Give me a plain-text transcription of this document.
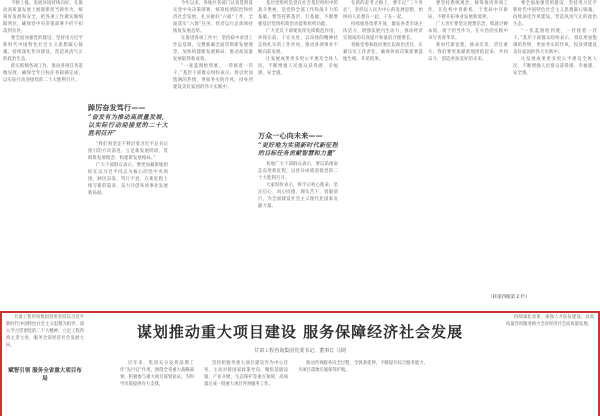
不断上涨，发展环境持续向好，在推动高质量发展上展现新担当新作为，统筹好发展和安全，把各项工作做实做细做到位，确保党中央决策部署不折不扣落到实处。

要全面加强党的建设，坚持用习近平新时代中国特色社会主义思想凝心铸魂，持续深化作风建设，营造风清气正的政治生态。

抓实抓细各项工作，推动各项任务落地见效，确保全年目标任务圆满完成，以实际行动迎接党的二十大胜利召开。

踔厉奋发笃行——
“奋发有为推动高质量发展，以实际行动迎接党的二十大胜利召开”

“我们将坚定不移沿着习近平总书记指引的方向前进，立足新发展阶段、贯彻新发展理念、构建新发展格局。”

广大干部群众表示，要更加紧密地团结在以习近平同志为核心的党中央周围，踔厉奋发、笃行不怠，在新征程上续写新的篇章，奋力开创各项事业发展新局面。

今年以来，各地区各部门认真贯彻落实党中央决策部署，统筹疫情防控和经济社会发展，扎实做好“六稳”工作、全面落实“六保”任务，经济运行总体保持恢复发展态势。

在推进各项工作中，坚持稳中求进工作总基调，完整准确全面贯彻新发展理念，加快构建新发展格局，推动高质量发展取得新成效。

“一张蓝图绘到底，一茬接着一茬干。”基层干部群众纷纷表示，将以更加饱满的热情、更加务实的作风，投身到建设美好家园的伟大实践中。

基层党组织是党在社会基层组织中的战斗堡垒，是党的全部工作和战斗力的基础。要坚持抓基层、打基础，不断增强基层党组织政治功能和组织功能。

广大党员干部要发挥先锋模范作用，冲锋在前、干在实处，以昂扬的精神状态和扎实的工作作风，推动各项事业不断向前发展。

让发展成果更多更公平惠及全体人民，不断增强人民群众获得感、幸福感、安全感。

万众一心向未来——
“更好地为实现新时代新征程的目标任务贡献智慧和力量”

各地广大干部群众表示，要以昂扬姿态奋进新征程，以优异成绩迎接党的二十大胜利召开。

大家纷纷表示，将牢记初心使命，坚定信心、同心同德，埋头苦干、勇毅前行，为全面建设社会主义现代化国家贡献力量。

在新的赶考之路上，要牢记“三个务必”，坚持以人民为中心的发展思想，始终同人民想在一起、干在一起。

持续推进改革开放，激发各类市场主体活力，增强发展内生动力，推动经济实现质的有效提升和量的合理增长。

各级党委和政府要扛起政治责任，压紧压实工作责任，确保各项决策部署落地生根、开花结果。

要坚持系统观念，统筹推进各项工作，在危机中育新机、于变局中开新局，不断开拓事业发展新境界。

广大青年要坚定理想信念，练就过硬本领，勇于担当作为，在火热的实践中书写青春华章。

新时代新征程，使命光荣、责任重大。我们要更加紧密地团结起来，共同奋斗，创造更加美好的未来。

要全面加强党的建设，坚持用习近平新时代中国特色社会主义思想凝心铸魂，持续深化作风建设，营造风清气正的政治生态。

“一张蓝图绘到底，一茬接着一茬干。”基层干部群众纷纷表示，将以更加饱满的热情、更加务实的作风，投身到建设美好家园的伟大实践中。

让发展成果更多更公平惠及全体人民，不断增强人民群众获得感、幸福感、安全感。

（转第四版第 2 栏）
谋划推动重大项目建设 服务保障经济社会发展
甘肃工程咨询集团党委书记、董事长 马钢

甘肃工程咨询集团党委坚持以习近平新时代中国特色社会主义思想为指导，深入学习贯彻党的二十大精神，立足工程咨询主责主业，服务全省经济社会发展大局。

赋智引领 服务全省重大项目布局

近年来，集团充分发挥前期工作“先行官”作用，围绕全省重大战略部署，积极参与重大项目谋划论证，为科学决策提供有力支撑。

坚持把服务重大项目建设作为中心任务，主动对接国家政策导向，聚焦基础设施、产业升级、生态保护等重点领域，高质量完成一批重大项目咨询服务工作。

推动咨询服务向全过程、全链条延伸，不断提升综合服务能力，为项目落地实施保驾护航。

持续深化改革，加强人才队伍建设，以高质量咨询服务助力全省经济社会高质量发展。
